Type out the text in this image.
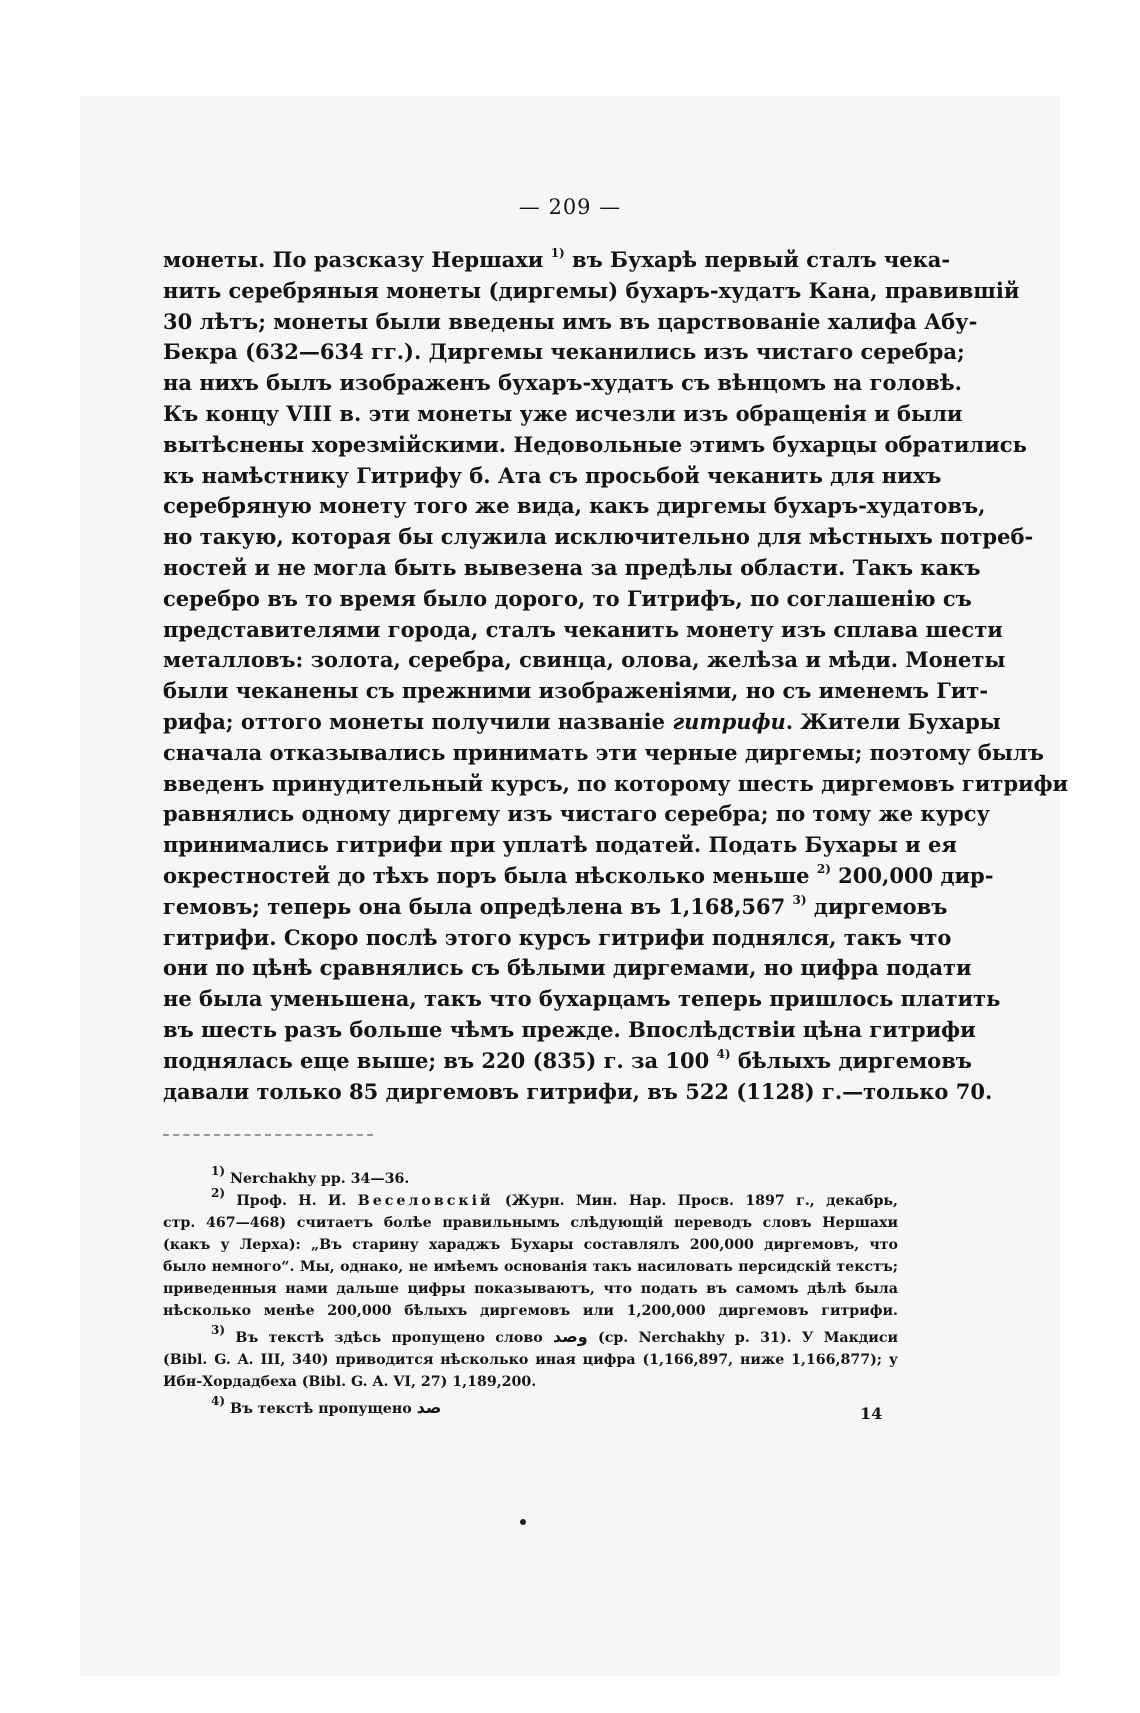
— 209 —
монеты. По разсказу Нершахи $^{1)}$ въ Бухарѣ первый сталъ чека-
нить серебряныя монеты (диргемы) бухаръ-худатъ Кана, правившій
30 лѣтъ; монеты были введены имъ въ царствованіе халифа Абу-
Бекра (632—634 гг.). Диргемы чеканились изъ чистаго серебра;
на нихъ былъ изображенъ бухаръ-худатъ съ вѣнцомъ на головѣ.
Къ концу VIII в. эти монеты уже исчезли изъ обращенія и были
вытѣснены хорезмійскими. Недовольные этимъ бухарцы обратились
къ намѣстнику Гитрифу б. Ата съ просьбой чеканить для нихъ
серебряную монету того же вида, какъ диргемы бухаръ-худатовъ,
но такую, которая бы служила исключительно для мѣстныхъ потреб-
ностей и не могла быть вывезена за предѣлы области. Такъ какъ
серебро въ то время было дорого, то Гитрифъ, по соглашенію съ
представителями города, сталъ чеканить монету изъ сплава шести
металловъ: золота, серебра, свинца, олова, желѣза и мѣди. Монеты
были чеканены съ прежними изображеніями, но съ именемъ Гит-
рифа; оттого монеты получили названіе гитрифи. Жители Бухары
сначала отказывались принимать эти черные диргемы; поэтому былъ
введенъ принудительный курсъ, по которому шесть диргемовъ гитрифи
равнялись одному диргему изъ чистаго серебра; по тому же курсу
принимались гитрифи при уплатѣ податей. Подать Бухары и ея
окрестностей до тѣхъ поръ была нѣсколько меньше $^{2)}$ 200,000 дир-
гемовъ; теперь она была опредѣлена въ 1,168,567 $^{3)}$ диргемовъ
гитрифи. Скоро послѣ этого курсъ гитрифи поднялся, такъ что
они по цѣнѣ сравнялись съ бѣлыми диргемами, но цифра подати
не была уменьшена, такъ что бухарцамъ теперь пришлось платить
въ шесть разъ больше чѣмъ прежде. Впослѣдствіи цѣна гитрифи
поднялась еще выше; въ 220 (835) г. за 100 $^{4)}$ бѣлыхъ диргемовъ
давали только 85 диргемовъ гитрифи, въ 522 (1128) г.—только 70.
$^{1)}$ Nerchakhy pp. 34—36.
$^{2)}$ Проф. Н. И. Веселовскій (Журн. Мин. Нар. Просв. 1897 г., декабрь,
стр. 467—468) считаетъ болѣе правильнымъ слѣдующій переводъ словъ Нершахи
(какъ у Лерха): „Въ старину хараджъ Бухары составлялъ 200,000 диргемовъ, что
было немного“. Мы, однако, не имѣемъ основанія такъ насиловать персидскій текстъ;
приведенныя нами дальше цифры показываютъ, что подать въ самомъ дѣлѣ была
нѣсколько менѣе 200,000 бѣлыхъ диргемовъ или 1,200,000 диргемовъ гитрифи.
$^{3)}$ Въ текстѣ здѣсь пропущено слово وصد (ср. Nerchakhy p. 31). У Макдиси
(Bibl. G. A. III, 340) приводится нѣсколько иная цифра (1,166,897, ниже 1,166,877); у
Ибн-Хордадбеха (Bibl. G. A. VI, 27) 1,189,200.
$^{4)}$ Въ текстѣ пропущено صد	14
